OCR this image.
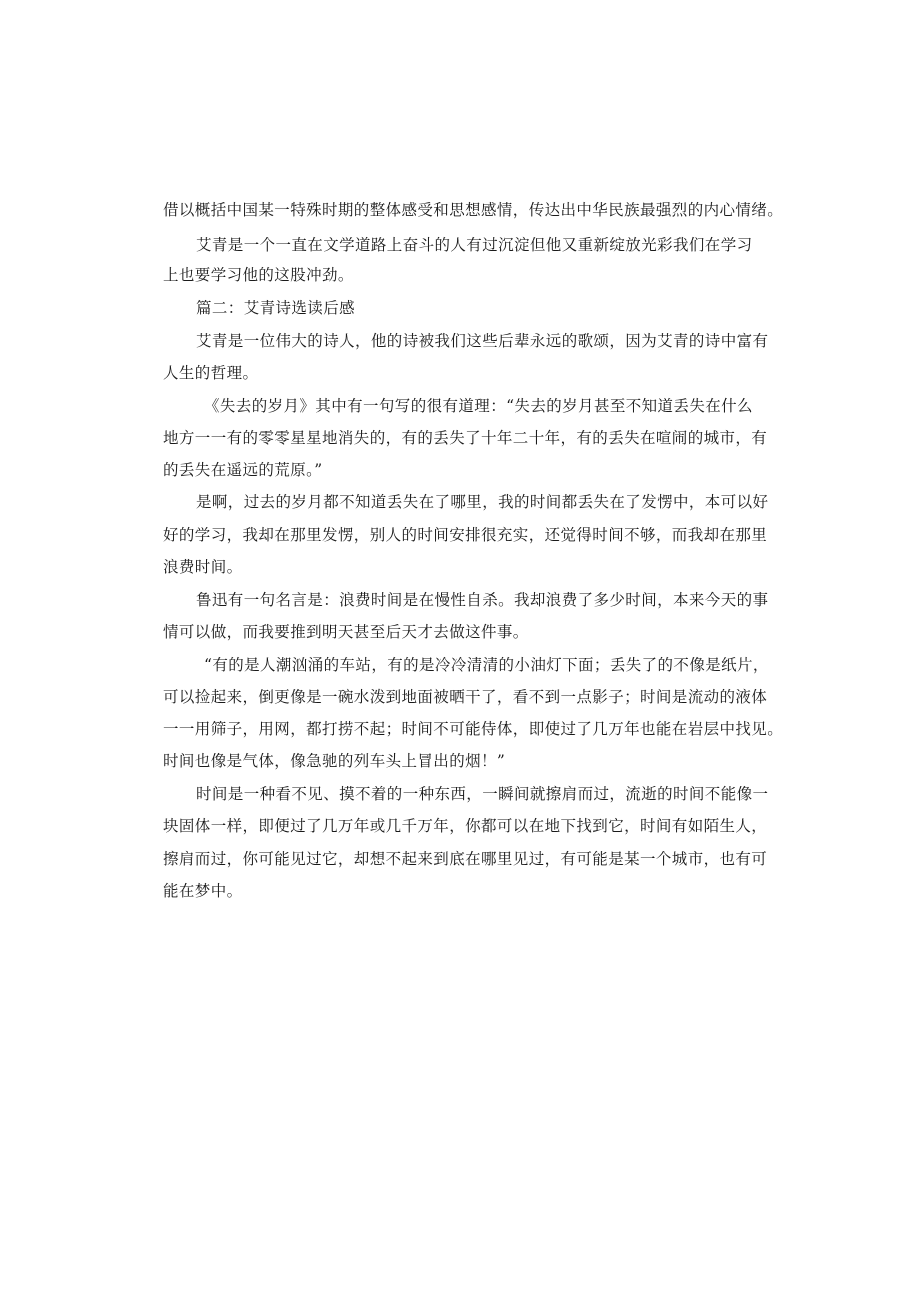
借以概括中国某一特殊时期的整体感受和思想感情，传达出中华民族最强烈的内心情绪。
艾青是一个一直在文学道路上奋斗的人有过沉淀但他又重新绽放光彩我们在学习
上也要学习他的这股冲劲。
篇二：艾青诗选读后感
艾青是一位伟大的诗人，他的诗被我们这些后辈永远的歌颂，因为艾青的诗中富有
人生的哲理。
《失去的岁月》其中有一句写的很有道理：“失去的岁月甚至不知道丢失在什么
地方一一有的零零星星地消失的，有的丢失了十年二十年，有的丢失在喧闹的城市，有
的丢失在遥远的荒原。”
是啊，过去的岁月都不知道丢失在了哪里，我的时间都丢失在了发愣中，本可以好
好的学习，我却在那里发愣，别人的时间安排很充实，还觉得时间不够，而我却在那里
浪费时间。
鲁迅有一句名言是：浪费时间是在慢性自杀。我却浪费了多少时间，本来今天的事
情可以做，而我要推到明天甚至后天才去做这件事。
“有的是人潮汹涌的车站，有的是冷冷清清的小油灯下面；丢失了的不像是纸片，
可以捡起来，倒更像是一碗水泼到地面被晒干了，看不到一点影子；时间是流动的液体
一一用筛子，用网，都打捞不起；时间不可能侍体，即使过了几万年也能在岩层中找见。
时间也像是气体，像急驰的列车头上冒出的烟！”
时间是一种看不见、摸不着的一种东西，一瞬间就擦肩而过，流逝的时间不能像一
块固体一样，即便过了几万年或几千万年，你都可以在地下找到它，时间有如陌生人，
擦肩而过，你可能见过它，却想不起来到底在哪里见过，有可能是某一个城市，也有可
能在梦中。
